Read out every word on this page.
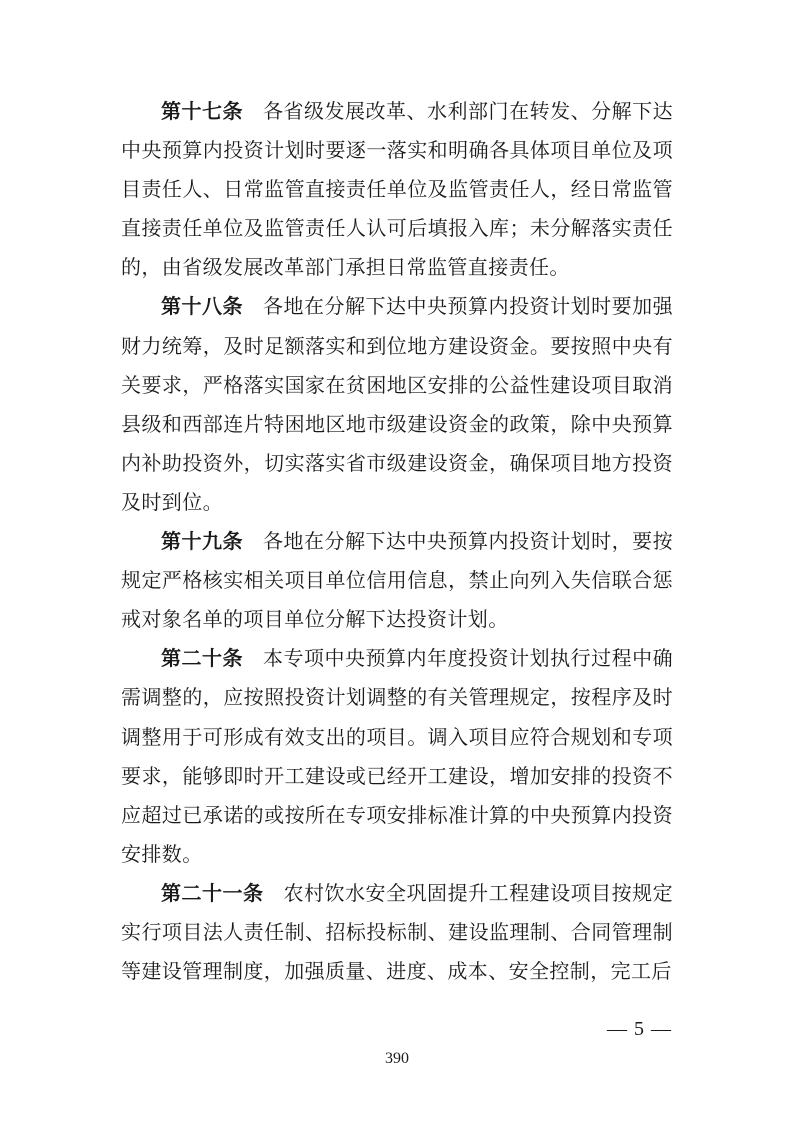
第十七条 各省级发展改革、水利部门在转发、分解下达中央预算内投资计划时要逐一落实和明确各具体项目单位及项目责任人、日常监管直接责任单位及监管责任人，经日常监管直接责任单位及监管责任人认可后填报入库；未分解落实责任的，由省级发展改革部门承担日常监管直接责任。

第十八条 各地在分解下达中央预算内投资计划时要加强财力统筹，及时足额落实和到位地方建设资金。要按照中央有关要求，严格落实国家在贫困地区安排的公益性建设项目取消县级和西部连片特困地区地市级建设资金的政策，除中央预算内补助投资外，切实落实省市级建设资金，确保项目地方投资及时到位。

第十九条 各地在分解下达中央预算内投资计划时，要按规定严格核实相关项目单位信用信息，禁止向列入失信联合惩戒对象名单的项目单位分解下达投资计划。

第二十条 本专项中央预算内年度投资计划执行过程中确需调整的，应按照投资计划调整的有关管理规定，按程序及时调整用于可形成有效支出的项目。调入项目应符合规划和专项要求，能够即时开工建设或已经开工建设，增加安排的投资不应超过已承诺的或按所在专项安排标准计算的中央预算内投资安排数。

第二十一条 农村饮水安全巩固提升工程建设项目按规定实行项目法人责任制、招标投标制、建设监理制、合同管理制等建设管理制度，加强质量、进度、成本、安全控制，完工后

— 5 —
390
